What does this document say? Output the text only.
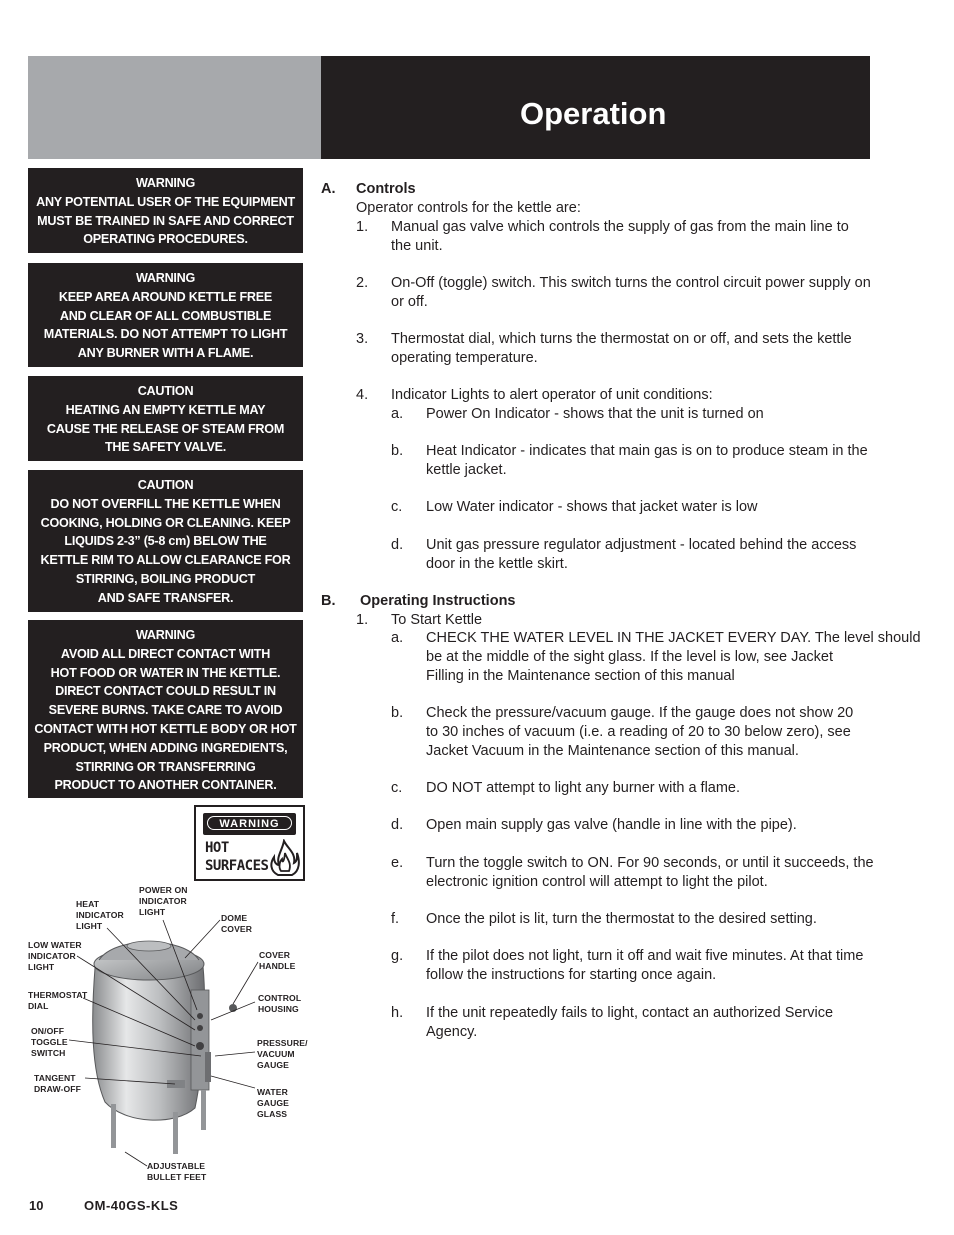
Operation
WARNING
ANY POTENTIAL USER OF THE EQUIPMENT
MUST BE TRAINED IN SAFE AND CORRECT
OPERATING PROCEDURES.
WARNING
KEEP AREA AROUND KETTLE FREE
AND CLEAR OF ALL COMBUSTIBLE
MATERIALS. DO NOT ATTEMPT TO LIGHT
ANY BURNER WITH A FLAME.
CAUTION
HEATING AN EMPTY KETTLE MAY
CAUSE THE RELEASE OF STEAM FROM
THE SAFETY VALVE.
CAUTION
DO NOT OVERFILL THE KETTLE WHEN
COOKING, HOLDING OR CLEANING. KEEP
LIQUIDS 2-3” (5-8 cm) BELOW THE
KETTLE RIM TO ALLOW CLEARANCE FOR
STIRRING, BOILING PRODUCT
AND SAFE TRANSFER.
WARNING
AVOID ALL DIRECT CONTACT WITH
HOT FOOD OR WATER IN THE KETTLE.
DIRECT CONTACT COULD RESULT IN
SEVERE BURNS. TAKE CARE TO AVOID
CONTACT WITH HOT KETTLE BODY OR HOT
PRODUCT, WHEN ADDING INGREDIENTS,
STIRRING OR TRANSFERRING
PRODUCT TO ANOTHER CONTAINER.
WARNING
HOT
SURFACES
HEAT
INDICATOR
LIGHT
POWER ON
INDICATOR
LIGHT
DOME
COVER
LOW WATER
INDICATOR
LIGHT
COVER
HANDLE
THERMOSTAT
DIAL
CONTROL
HOUSING
ON/OFF
TOGGLE
SWITCH
PRESSURE/
VACUUM
GAUGE
TANGENT
DRAW-OFF	WATER
GAUGE
GLASS
ADJUSTABLE
BULLET FEET
A. Controls
Operator controls for the kettle are:
1. Manual gas valve which controls the supply of gas from the main line to
the unit.
2. On-Off (toggle) switch. This switch turns the control circuit power supply on
or off.
3. Thermostat dial, which turns the thermostat on or off, and sets the kettle
operating temperature.
4. Indicator Lights to alert operator of unit conditions:
a. Power On Indicator - shows that the unit is turned on
b. Heat Indicator - indicates that main gas is on to produce steam in the
kettle jacket.
c. Low Water indicator - shows that jacket water is low
d. Unit gas pressure regulator adjustment - located behind the access
door in the kettle skirt.
B. Operating Instructions
1. To Start Kettle
a. CHECK THE WATER LEVEL IN THE JACKET EVERY DAY. The level should
be at the middle of the sight glass. If the level is low, see Jacket
Filling in the Maintenance section of this manual
b. Check the pressure/vacuum gauge. If the gauge does not show 20
to 30 inches of vacuum (i.e. a reading of 20 to 30 below zero), see
Jacket Vacuum in the Maintenance section of this manual.
c. DO NOT attempt to light any burner with a flame.
d. Open main supply gas valve (handle in line with the pipe).
e. Turn the toggle switch to ON. For 90 seconds, or until it succeeds, the
electronic ignition control will attempt to light the pilot.
f. Once the pilot is lit, turn the thermostat to the desired setting.
g. If the pilot does not light, turn it off and wait five minutes. At that time
follow the instructions for starting once again.
h. If the unit repeatedly fails to light, contact an authorized Service
Agency.
10	OM-40GS-KLS
